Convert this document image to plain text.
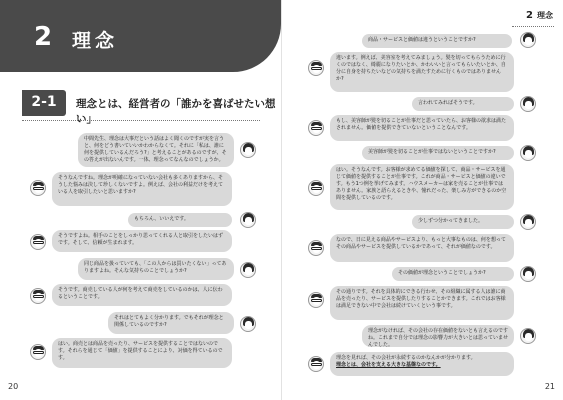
2 理念
2-1	理念とは、経営者の「誰かを喜ばせたい想い」
中間先生、理念は大事だという話はよく聞くのですが実を言うと、何をどう書いていいかわからなくて。それに「私は、誰に何を提供しているんだろう?」と考えることがあるのですが、その答えが出ないんです。一体、理念ってなんなのでしょうか。
そうなんですね。理念が明確になっていない会社も多くありますから、そうした悩みは決して珍しくないですよ。例えば、会社の利益だけを考えている人を取引したいと思いますか?
もちろん、いいえです。
そうですよね。相手のことをしっかり思ってくれる人と取引をしたいはずです。そして、信頼が生まれます。
同じ商品を扱っていても、「この人からは買いたくない」ってありますよね。そんな気持ちのことでしょうか?
そうです。商売している人が何を考えて商売をしているのかは、人に伝わるということです。
それはとてもよく分かります。でもそれが理念と関係しているのですか?
はい。商売とは商品を売ったり、サービスを提供することではないのです。それらを通じて「価値」を提供することにより、対価を得ているのです。
20
2 理念
商品・サービスと価値は違うということですか?
違います。例えば、美容室を考えてみましょう。髪を切ってもらうために行くのではなく、綺麗になりたいとか、かわいいと言ってもらいたいとか、自分に自身を持ちたいなどの気持ちを満たすために行くものではありませんか?
言われてみればそうです。
もし、美容師が髪を切ることが仕事だと思っていたら、お客様の欲求は満たされません。価値を提供できていないということなんです。
美容師が髪を切ることが仕事ではないということですか?
はい。そうなんです。お客様が求めてる価値を探して、商品・サービスを通じて価値を提供することが仕事です。これが商品・サービスと価値の違いです。もう1つ例を挙げてみます。ハウスメーカーは家を売ることが仕事ではありません。家族と語らえるときや、憧れだった、楽しみ方ができるのか空間を提供しているのです。
少しずつ分かってきました。
なので、日に見える商品やサービスより、もっと大事なものは、何を想ってその商品やサービスを提供しているかであって、それが価値なのです。
その価値が理念ということでしょうか?
その通りです。それを具体的にできる行わせ、その組織に属する人は誰に商品を売ったり、サービスを提供したりすることかできます。これではお客様は満足できない中で会社は続けていくという事です。
理念がなければ、その会社の存在価値をないとも言えるのですね。これまで自分では理念の影響力が大きいとは思っていませんでした。
理念を見れば、その会社が永続するのかなんかが分かります。
理念とは、会社を支える大きな基盤なのです。
21
